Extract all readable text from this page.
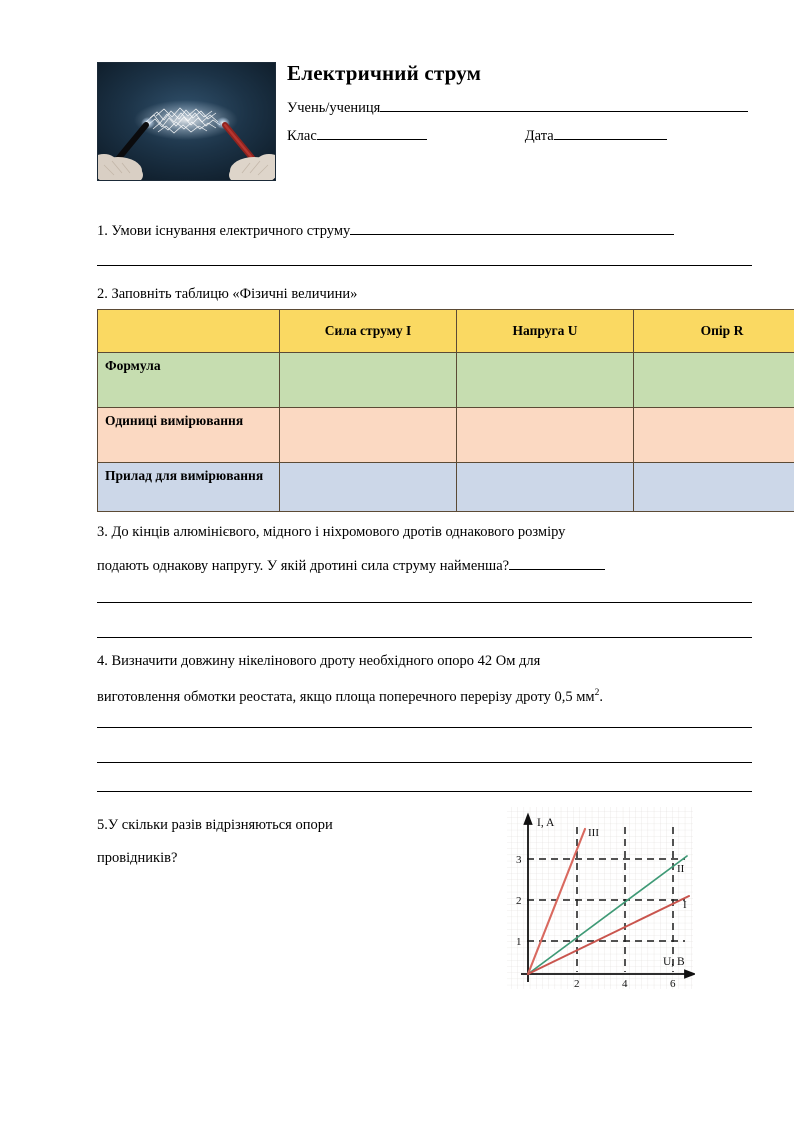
Електричний струм
Учень/учениця
Клас	Дата
1. Умови існування електричного струму
2. Заповніть таблицю «Фізичні величини»
	Сила струму I	Напруга U	Опір R
Формула			
Одиниці вимірювання			
Прилад для вимірювання			
3. До кінців алюмінієвого, мідного і ніхромового дротів однакового розміру
подають однакову напругу. У якій дротині сила струму найменша?
4. Визначити довжину нікелінового дроту необхідного опоро 42 Ом для
виготовлення обмотки реостата, якщо площа поперечного перерізу дроту 0,5 $мм^2$.
5.У скільки разів відрізняються опори
провідників?
1
2
3
2	4	6
I, A
U, B
III
II
I
